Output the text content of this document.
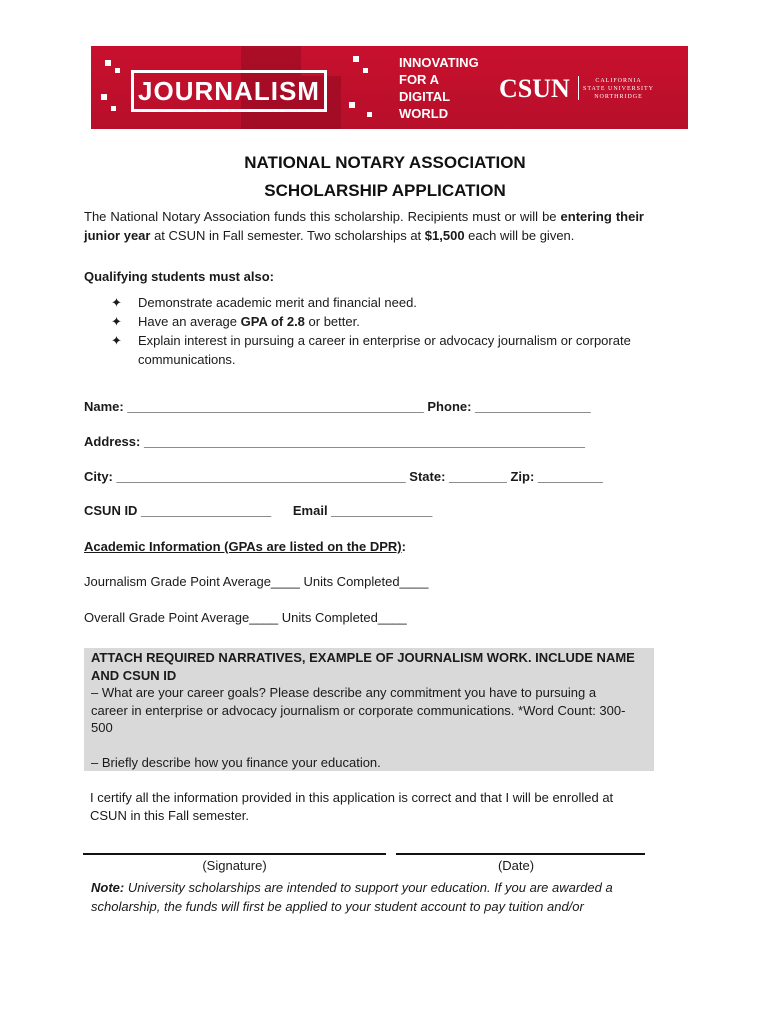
JOURNALISM
INNOVATING
FOR A
DIGITAL
WORLD
CSUN	CALIFORNIA
STATE UNIVERSITY
NORTHRIDGE
NATIONAL NOTARY ASSOCIATION
SCHOLARSHIP APPLICATION
The National Notary Association funds this scholarship. Recipients must or will be entering their junior year at CSUN in Fall semester. Two scholarships at $1,500 each will be given.
Qualifying students must also:
✦ Demonstrate academic merit and financial need.
✦ Have an average GPA of 2.8 or better.
✦ Explain interest in pursuing a career in enterprise or advocacy journalism or corporate communications.
Name: _________________________________________ Phone: ________________
Address: _____________________________________________________________
City: ________________________________________ State: ________ Zip: _________
CSUN ID __________________      Email ______________
Academic Information (GPAs are listed on the DPR):
Journalism Grade Point Average____ Units Completed____
Overall Grade Point Average____ Units Completed____
ATTACH REQUIRED NARRATIVES, EXAMPLE OF JOURNALISM WORK. INCLUDE NAME AND CSUN ID
– What are your career goals? Please describe any commitment you have to pursuing a career in enterprise or advocacy journalism or corporate communications. *Word Count: 300-500
– Briefly describe how you finance your education.
I certify all the information provided in this application is correct and that I will be enrolled at CSUN in this Fall semester.
(Signature)	(Date)
Note: University scholarships are intended to support your education. If you are awarded a scholarship, the funds will first be applied to your student account to pay tuition and/or
